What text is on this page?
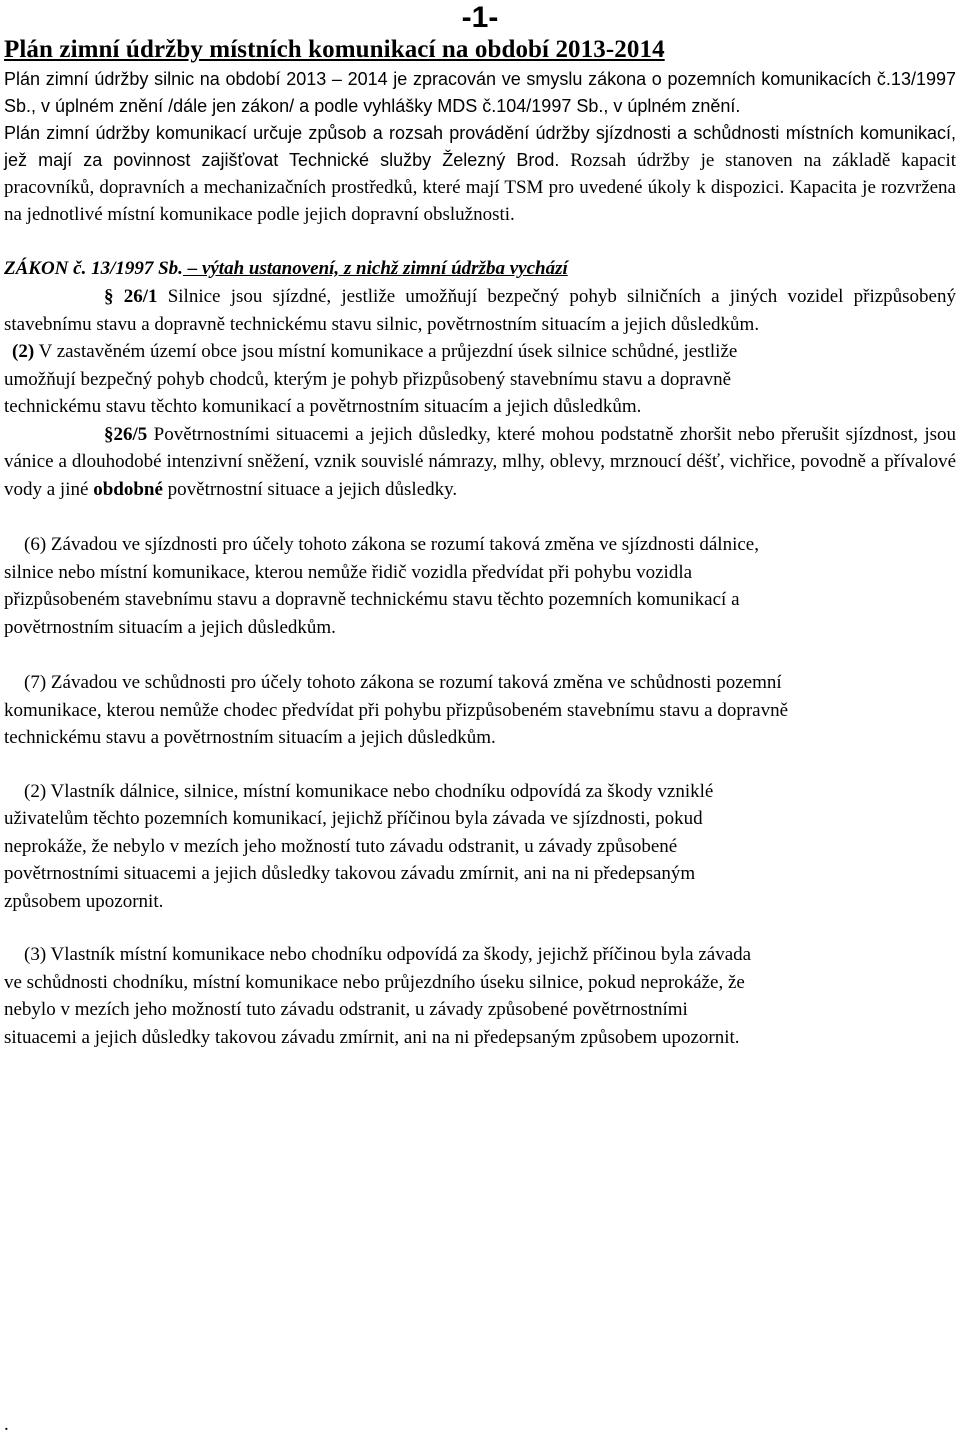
-1-
Plán zimní údržby místních komunikací na období 2013-2014

Plán zimní údržby silnic na období 2013 – 2014 je zpracován ve smyslu zákona o pozemních komunikacích č.13/1997 Sb., v úplném znění /dále jen zákon/ a podle vyhlášky MDS č.104/1997 Sb., v úplném znění.

Plán zimní údržby komunikací určuje způsob a rozsah provádění údržby sjízdnosti a schůdnosti místních komunikací, jež mají za povinnost zajišťovat Technické služby Železný Brod. Rozsah údržby je stanoven na základě kapacit pracovníků, dopravních a mechanizačních prostředků, které mají TSM pro uvedené úkoly k dispozici. Kapacita je rozvržena na jednotlivé místní komunikace podle jejich dopravní obslužnosti.

ZÁKON č. 13/1997 Sb. – výtah ustanovení, z nichž zimní údržba vychází

§ 26/1 Silnice jsou sjízdné, jestliže umožňují bezpečný pohyb silničních a jiných vozidel přizpůsobený stavebnímu stavu a dopravně technickému stavu silnic, povětrnostním situacím a jejich důsledkům.

(2) V zastavěném území obce jsou místní komunikace a průjezdní úsek silnice schůdné, jestliže umožňují bezpečný pohyb chodců, kterým je pohyb přizpůsobený stavebnímu stavu a dopravně technickému stavu těchto komunikací a povětrnostním situacím a jejich důsledkům.

§26/5 Povětrnostními situacemi a jejich důsledky, které mohou podstatně zhoršit nebo přerušit sjízdnost, jsou vánice a dlouhodobé intenzivní sněžení, vznik souvislé námrazy, mlhy, oblevy, mrznoucí déšť, vichřice, povodně a přívalové vody a jiné obdobné povětrnostní situace a jejich důsledky.

(6) Závadou ve sjízdnosti pro účely tohoto zákona se rozumí taková změna ve sjízdnosti dálnice, silnice nebo místní komunikace, kterou nemůže řidič vozidla předvídat při pohybu vozidla přizpůsobeném stavebnímu stavu a dopravně technickému stavu těchto pozemních komunikací a povětrnostním situacím a jejich důsledkům.

(7) Závadou ve schůdnosti pro účely tohoto zákona se rozumí taková změna ve schůdnosti pozemní komunikace, kterou nemůže chodec předvídat při pohybu přizpůsobeném stavebnímu stavu a dopravně technickému stavu a povětrnostním situacím a jejich důsledkům.

(2) Vlastník dálnice, silnice, místní komunikace nebo chodníku odpovídá za škody vzniklé uživatelům těchto pozemních komunikací, jejichž příčinou byla závada ve sjízdnosti, pokud neprokáže, že nebylo v mezích jeho možností tuto závadu odstranit, u závady způsobené povětrnostními situacemi a jejich důsledky takovou závadu zmírnit, ani na ni předepsaným způsobem upozornit.

(3) Vlastník místní komunikace nebo chodníku odpovídá za škody, jejichž příčinou byla závada ve schůdnosti chodníku, místní komunikace nebo průjezdního úseku silnice, pokud neprokáže, že nebylo v mezích jeho možností tuto závadu odstranit, u závady způsobené povětrnostními situacemi a jejich důsledky takovou závadu zmírnit, ani na ni předepsaným způsobem upozornit.

.
